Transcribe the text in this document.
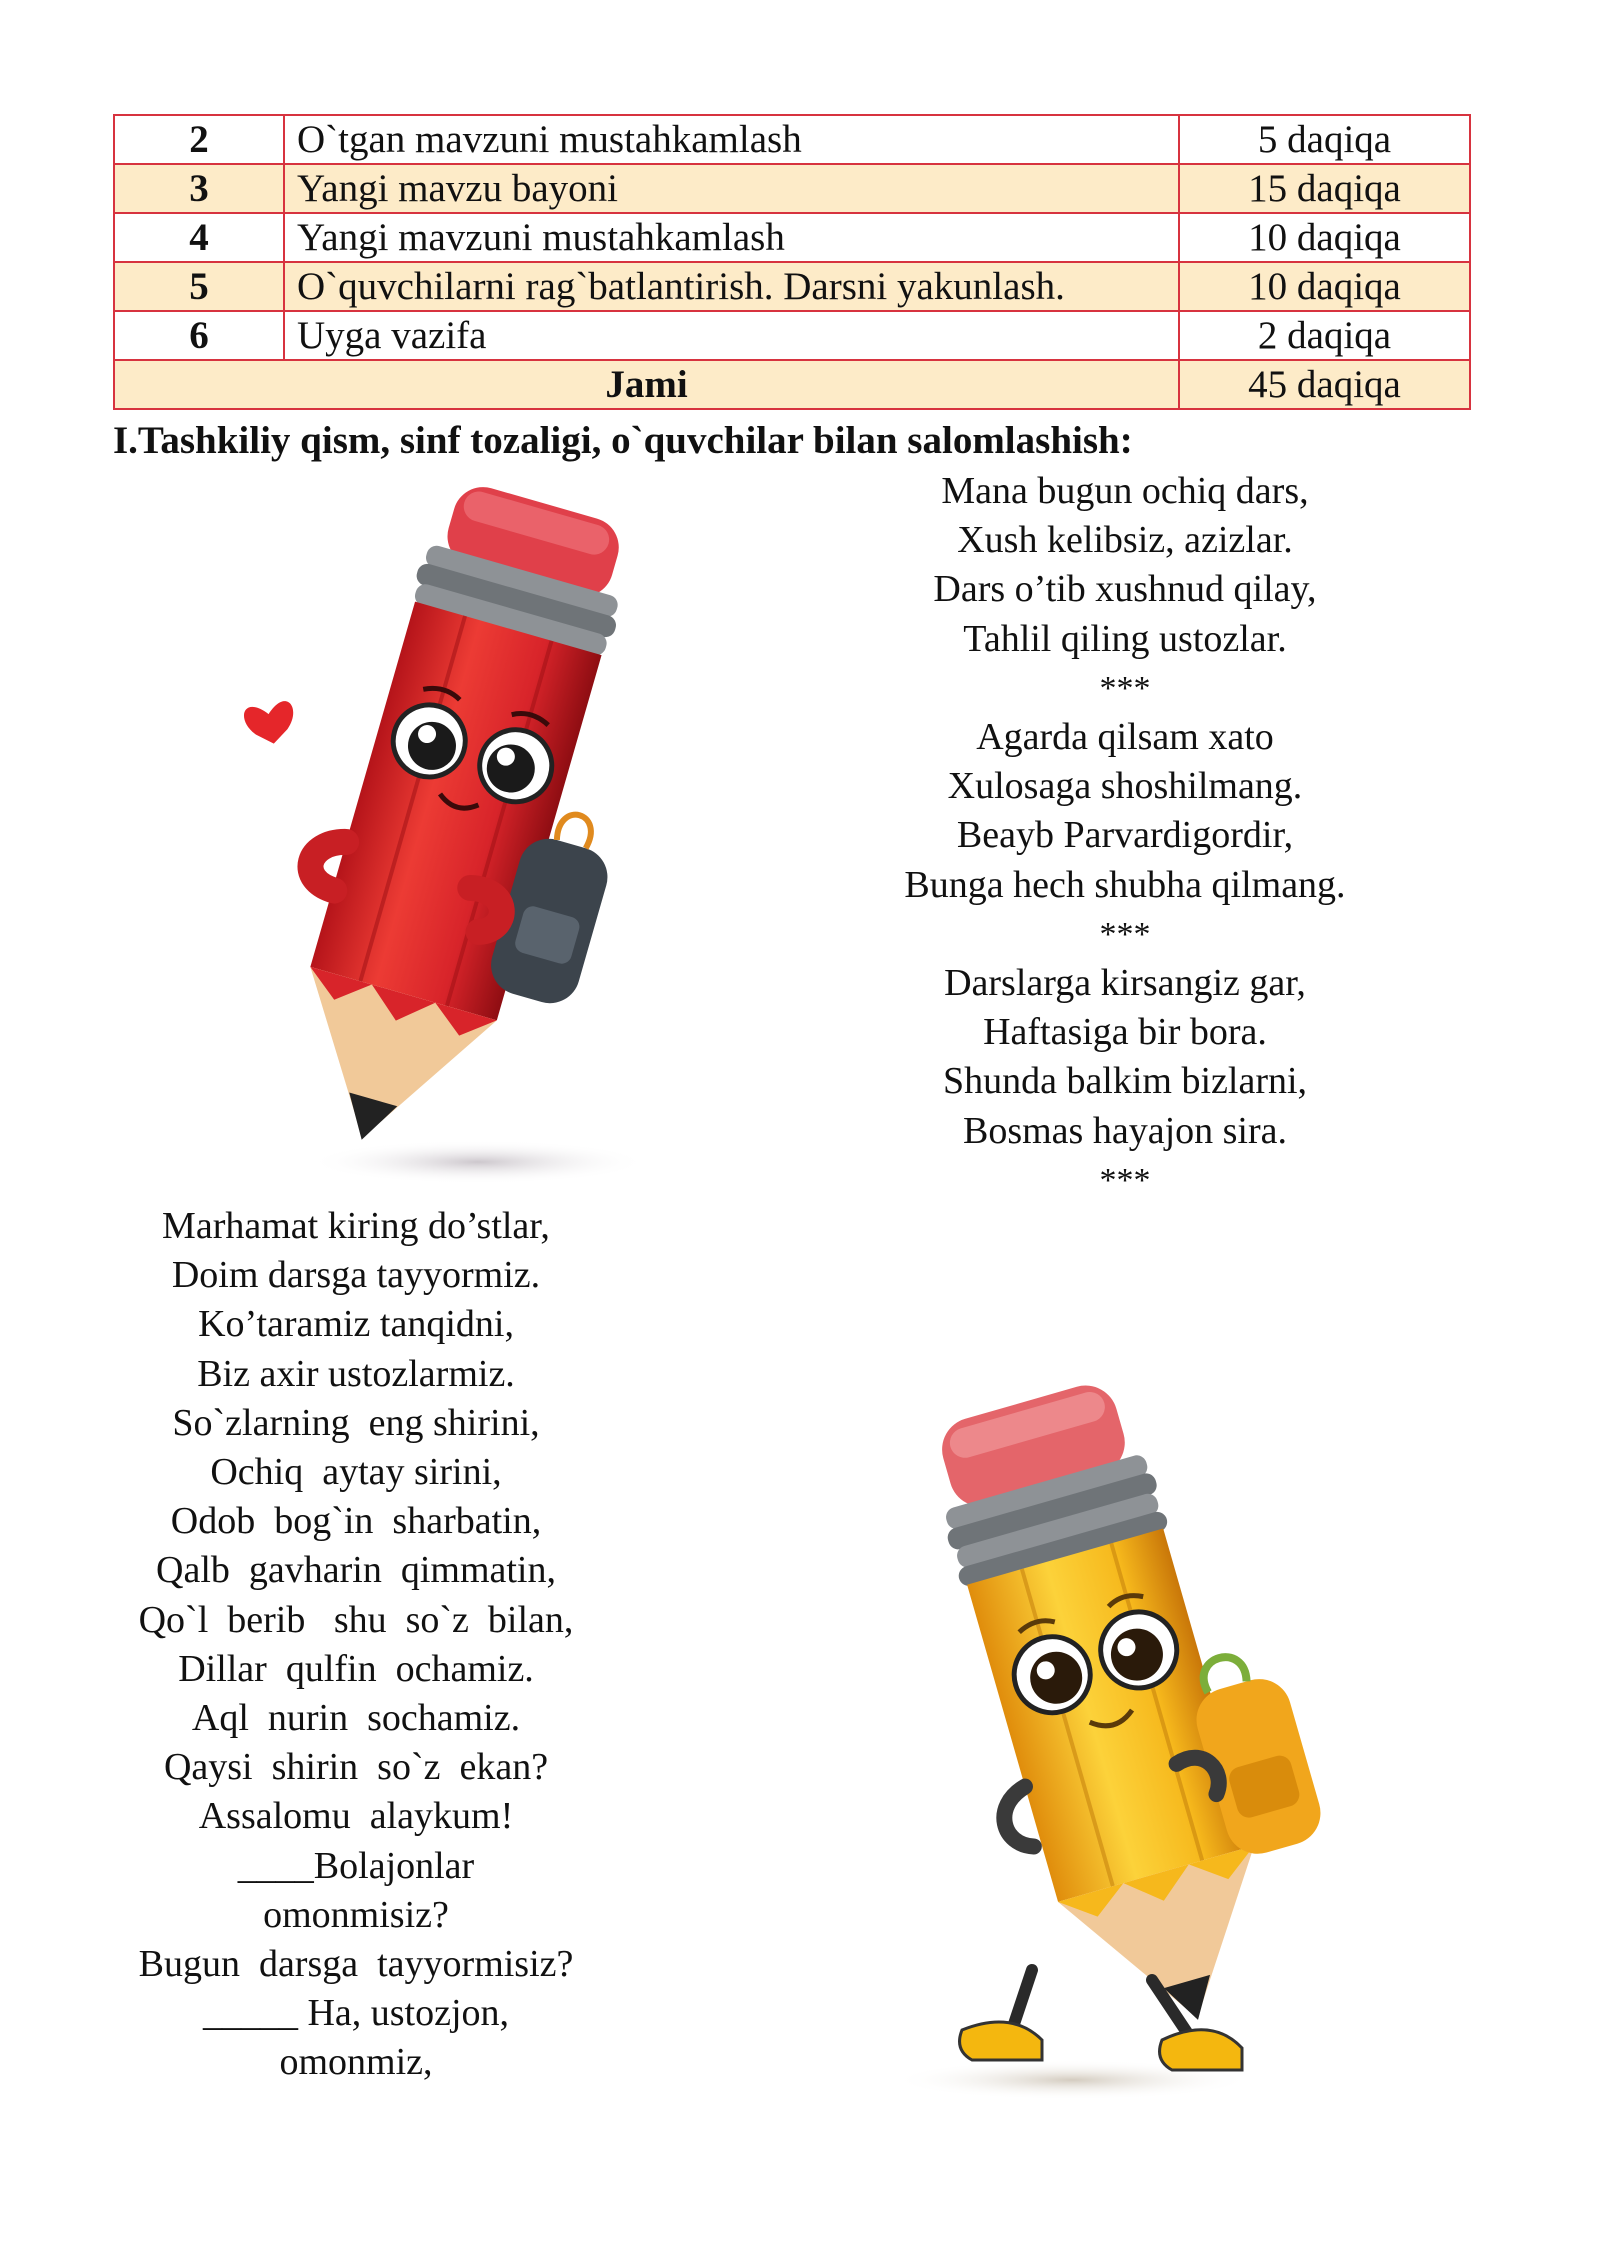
2	O`tgan mavzuni mustahkamlash	5 daqiqa
3	Yangi mavzu bayoni	15 daqiqa
4	Yangi mavzuni mustahkamlash	10 daqiqa
5	O`quvchilarni rag`batlantirish. Darsni yakunlash.	10 daqiqa
6	Uyga vazifa	2 daqiqa
Jami		45 daqiqa
I.Tashkiliy qism, sinf tozaligi, o`quvchilar bilan salomlashish:
Mana bugun ochiq dars,
Xush kelibsiz, azizlar.
Dars o’tib xushnud qilay,
Tahlil qiling ustozlar.
***
Agarda qilsam xato
Xulosaga shoshilmang.
Beayb Parvardigordir,
Bunga hech shubha qilmang.
***
Darslarga kirsangiz gar,
Haftasiga bir bora.
Shunda balkim bizlarni,
Bosmas hayajon sira.
***
Marhamat kiring do’stlar,
Doim darsga tayyormiz.
Ko’taramiz tanqidni,
Biz axir ustozlarmiz.
So`zlarning  eng shirini,
Ochiq  aytay sirini,
Odob  bog`in  sharbatin,
Qalb  gavharin  qimmatin,
Qo`l  berib   shu  so`z  bilan,
Dillar  qulfin  ochamiz.
Aql  nurin  sochamiz.
Qaysi  shirin  so`z  ekan?
Assalomu  alaykum!
____Bolajonlar
omonmisiz?
Bugun  darsga  tayyormisiz?
_____ Ha, ustozjon,
omonmiz,
